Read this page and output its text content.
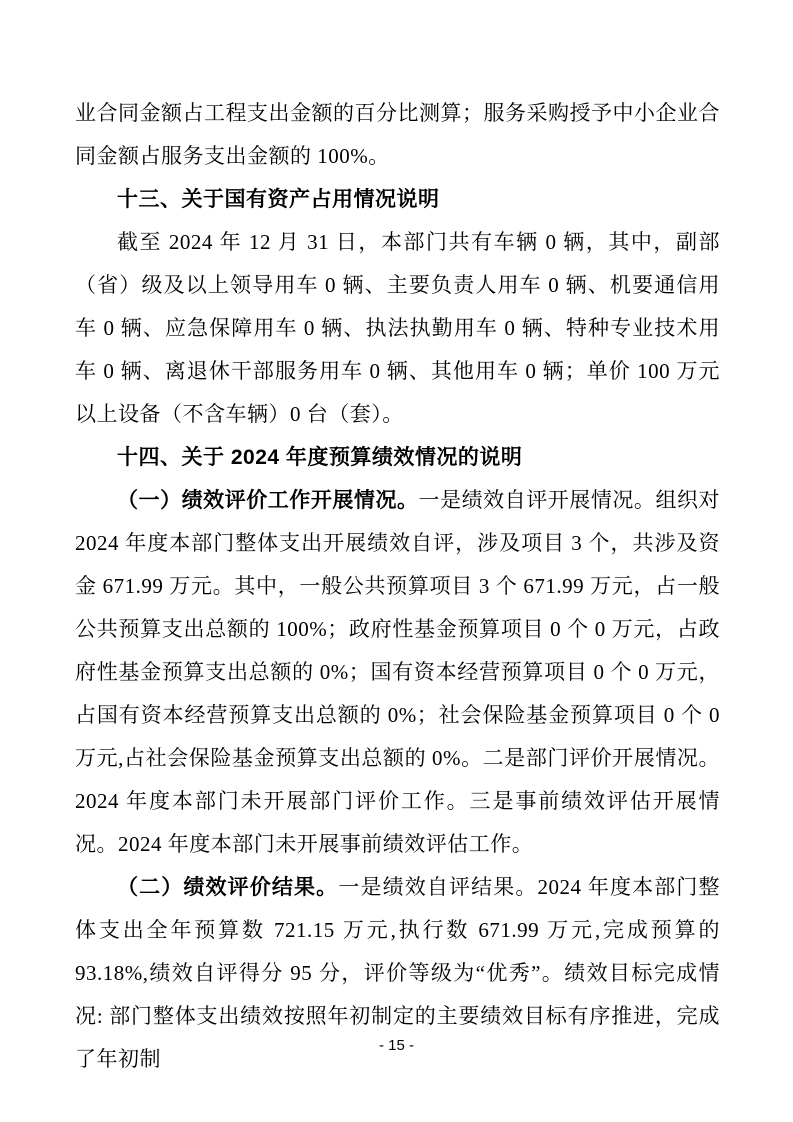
业合同金额占工程支出金额的百分比测算；服务采购授予中小企业合同金额占服务支出金额的 100%。

十三、关于国有资产占用情况说明

截至 2024 年 12 月 31 日，本部门共有车辆 0 辆，其中，副部（省）级及以上领导用车 0 辆、主要负责人用车 0 辆、机要通信用车 0 辆、应急保障用车 0 辆、执法执勤用车 0 辆、特种专业技术用车 0 辆、离退休干部服务用车 0 辆、其他用车 0 辆；单价 100 万元以上设备（不含车辆）0 台（套）。

十四、关于 2024 年度预算绩效情况的说明

（一）绩效评价工作开展情况。一是绩效自评开展情况。组织对 2024 年度本部门整体支出开展绩效自评，涉及项目 3 个，共涉及资金 671.99 万元。其中，一般公共预算项目 3 个 671.99 万元，占一般公共预算支出总额的 100%；政府性基金预算项目 0 个 0 万元，占政府性基金预算支出总额的 0%；国有资本经营预算项目 0 个 0 万元，占国有资本经营预算支出总额的 0%；社会保险基金预算项目 0 个 0 万元,占社会保险基金预算支出总额的 0%。二是部门评价开展情况。2024 年度本部门未开展部门评价工作。三是事前绩效评估开展情况。2024 年度本部门未开展事前绩效评估工作。

（二）绩效评价结果。一是绩效自评结果。2024 年度本部门整体支出全年预算数 721.15 万元,执行数 671.99 万元,完成预算的 93.18%,绩效自评得分 95 分，评价等级为“优秀”。绩效目标完成情况: 部门整体支出绩效按照年初制定的主要绩效目标有序推进，完成了年初制

- 15 -
